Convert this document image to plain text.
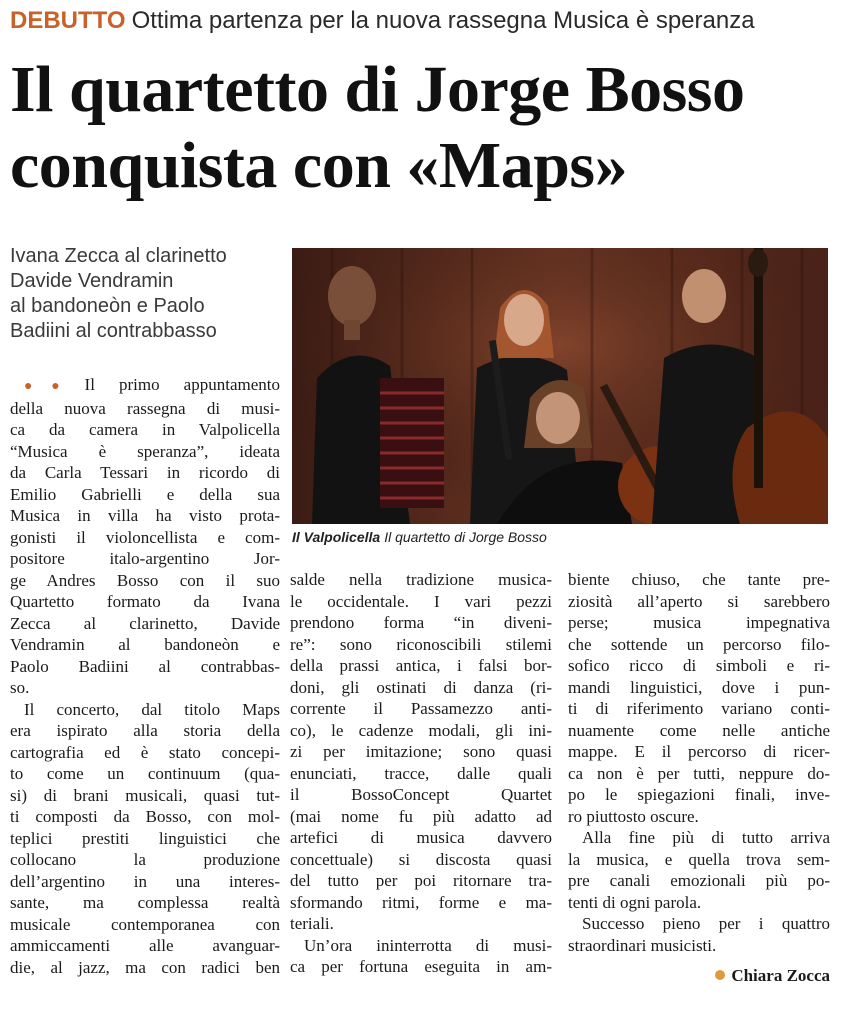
DEBUTTO Ottima partenza per la nuova rassegna Musica è speranza
Il quartetto di Jorge Bosso
conquista con «Maps»
Ivana Zecca al clarinetto
Davide Vendramin
al bandoneòn e Paolo
Badiini al contrabbasso
Il Valpolicella Il quartetto di Jorge Bosso

●● Il primo appuntamento
della nuova rassegna di musi-
ca da camera in Valpolicella
“Musica è speranza”, ideata
da Carla Tessari in ricordo di
Emilio Gabrielli e della sua
Musica in villa ha visto prota-
gonisti il violoncellista e com-
positore italo-argentino Jor-
ge Andres Bosso con il suo
Quartetto formato da Ivana
Zecca al clarinetto, Davide
Vendramin al bandoneòn e
Paolo Badiini al contrabbas-
so.

Il concerto, dal titolo Maps
era ispirato alla storia della
cartografia ed è stato concepi-
to come un continuum (qua-
si) di brani musicali, quasi tut-
ti composti da Bosso, con mol-
teplici prestiti linguistici che
collocano la produzione
dell’argentino in una interes-
sante, ma complessa realtà
musicale contemporanea con
ammiccamenti alle avanguar-
die, al jazz, ma con radici ben

salde nella tradizione musica-
le occidentale. I vari pezzi
prendono forma “in diveni-
re”: sono riconoscibili stilemi
della prassi antica, i falsi bor-
doni, gli ostinati di danza (ri-
corrente il Passamezzo anti-
co), le cadenze modali, gli ini-
zi per imitazione; sono quasi
enunciati, tracce, dalle quali
il BossoConcept Quartet
(mai nome fu più adatto ad
artefici di musica davvero
concettuale) si discosta quasi
del tutto per poi ritornare tra-
sformando ritmi, forme e ma-
teriali.

Un’ora ininterrotta di musi-
ca per fortuna eseguita in am-

biente chiuso, che tante pre-
ziosità all’aperto si sarebbero
perse; musica impegnativa
che sottende un percorso filo-
sofico ricco di simboli e ri-
mandi linguistici, dove i pun-
ti di riferimento variano conti-
nuamente come nelle antiche
mappe. E il percorso di ricer-
ca non è per tutti, neppure do-
po le spiegazioni finali, inve-
ro piuttosto oscure.

Alla fine più di tutto arriva
la musica, e quella trova sem-
pre canali emozionali più po-
tenti di ogni parola.

Successo pieno per i quattro
straordinari musicisti.

Chiara Zocca
